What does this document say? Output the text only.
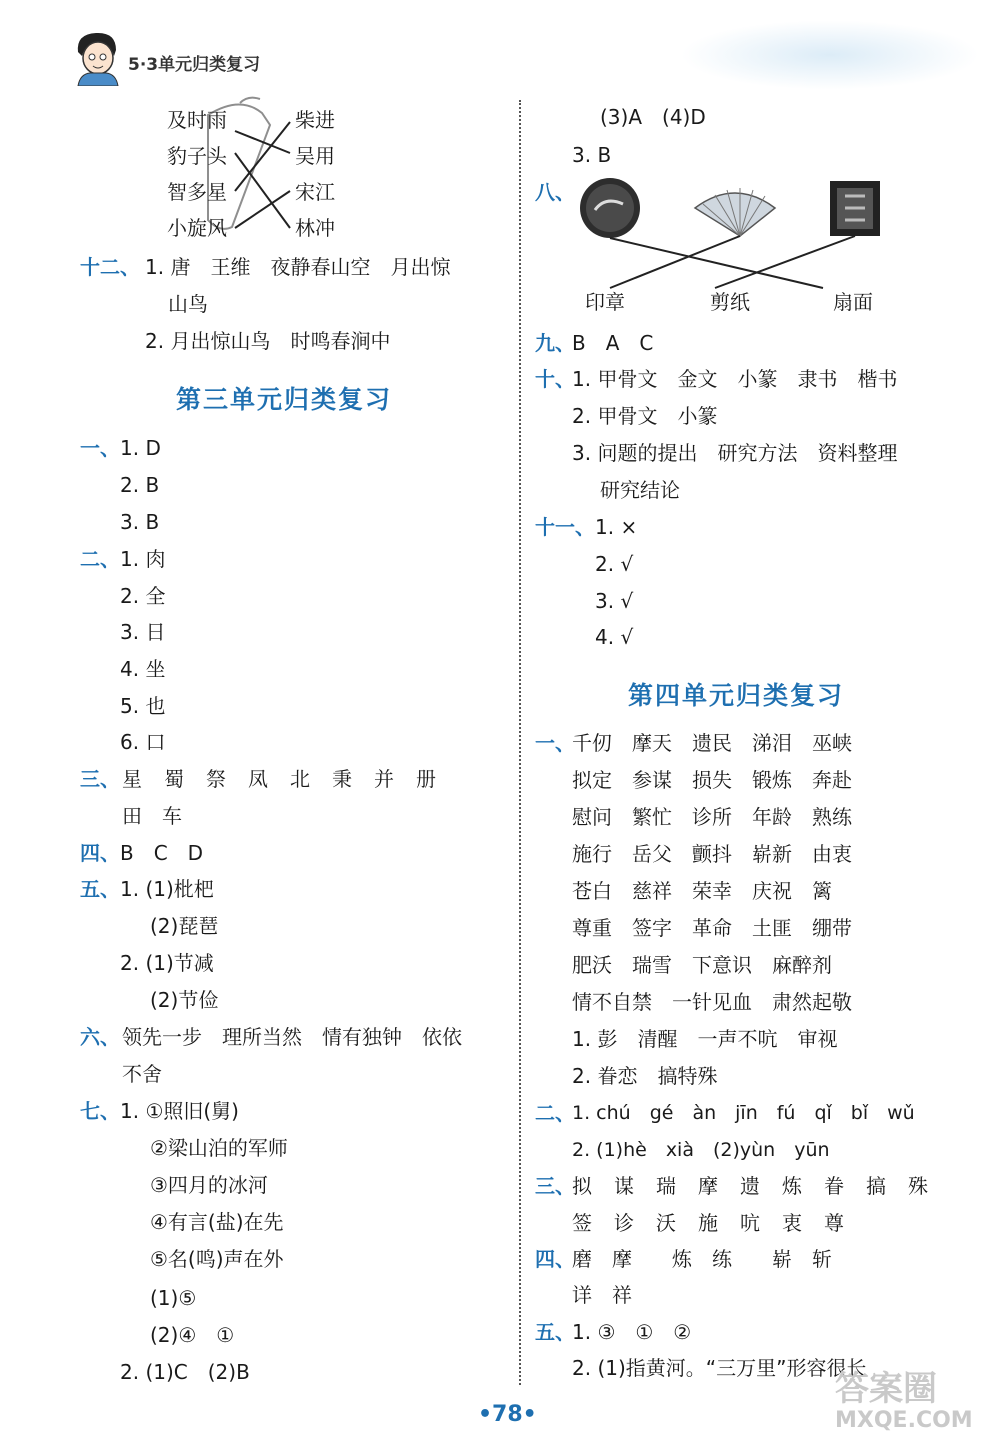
5·3单元归类复习
及时雨
豹子头
智多星
小旋风
柴进
吴用
宋江
林冲
十二、 1. 唐　王维　夜静春山空　月出惊
山鸟
2. 月出惊山鸟　时鸣春涧中
第三单元归类复习
一、 1. D
2. B
3. B
二、 1. 肉
2. 全
3. 日
4. 坐
5. 也
6. 口
三、 星　蜀　祭　凤　北　秉　并　册
田　车
四、 B　C　D
五、 1. (1)枇杷
(2)琵琶
2. (1)节减
(2)节俭
六、 领先一步　理所当然　情有独钟　依依
不舍
七、 1. ①照旧(舅)
②梁山泊的军师
③四月的冰河
④有言(盐)在先
⑤名(鸣)声在外
(1)⑤
(2)④　①
2. (1)C　(2)B
(3)A　(4)D
3. B
八、
印章	剪纸	扇面
九、
B　A　C
十、
1. 甲骨文　金文　小篆　隶书　楷书
2. 甲骨文　小篆
3. 问题的提出　研究方法　资料整理
研究结论
十一、 1. ×
2. √
3. √
4. √
第四单元归类复习
一、
千仞　摩天　遗民　涕泪　巫峡
拟定　参谋　损失　锻炼　奔赴
慰问　繁忙　诊所　年龄　熟练
施行　岳父　颤抖　崭新　由衷
苍白　慈祥　荣幸　庆祝　篱
尊重　签字　革命　土匪　绷带
肥沃　瑞雪　下意识　麻醉剂
情不自禁　一针见血　肃然起敬
1. 彭　清醒　一声不吭　审视
2. 眷恋　搞特殊
二、
1. chú　gé　àn　jīn　fú　qǐ　bǐ　wǔ
2. (1)hè　xià　(2)yùn　yūn
三、
拟　谋　瑞　摩　遗　炼　眷　搞　殊
签　诊　沃　施　吭　衷　尊
四、
磨　摩　　炼　练　　崭　斩
详　祥
五、
1. ③　①　②
2. (1)指黄河。“三万里”形容很长
•78•
答案圈
MXQE.COM
